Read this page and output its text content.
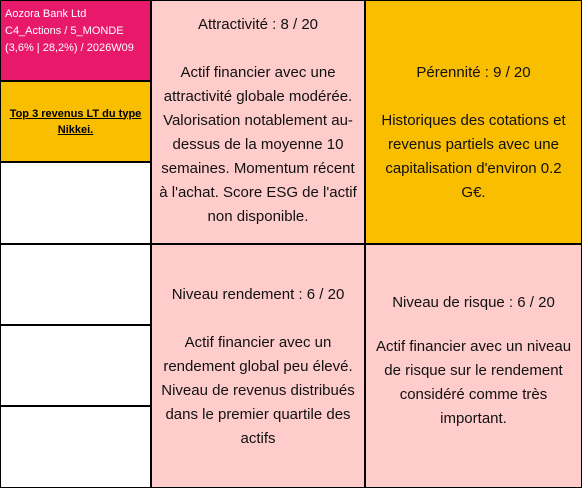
Aozora Bank Ltd
C4_Actions / 5_MONDE
(3,6% | 28,2%) / 2026W09
Top 3 revenus LT du type Nikkei.
Attractivité : 8 / 20
Actif financier avec une attractivité globale modérée. Valorisation notablement au-dessus de la moyenne 10 semaines. Momentum récent à l'achat. Score ESG de l'actif non disponible.
Pérennité : 9 / 20
Historiques des cotations et revenus partiels avec une capitalisation d'environ 0.2 G€.
Niveau rendement : 6 / 20
Actif financier avec un rendement global peu élevé. Niveau de revenus distribués dans le premier quartile des actifs
Niveau de risque : 6 / 20
Actif financier avec un niveau de risque sur le rendement considéré comme très important.
